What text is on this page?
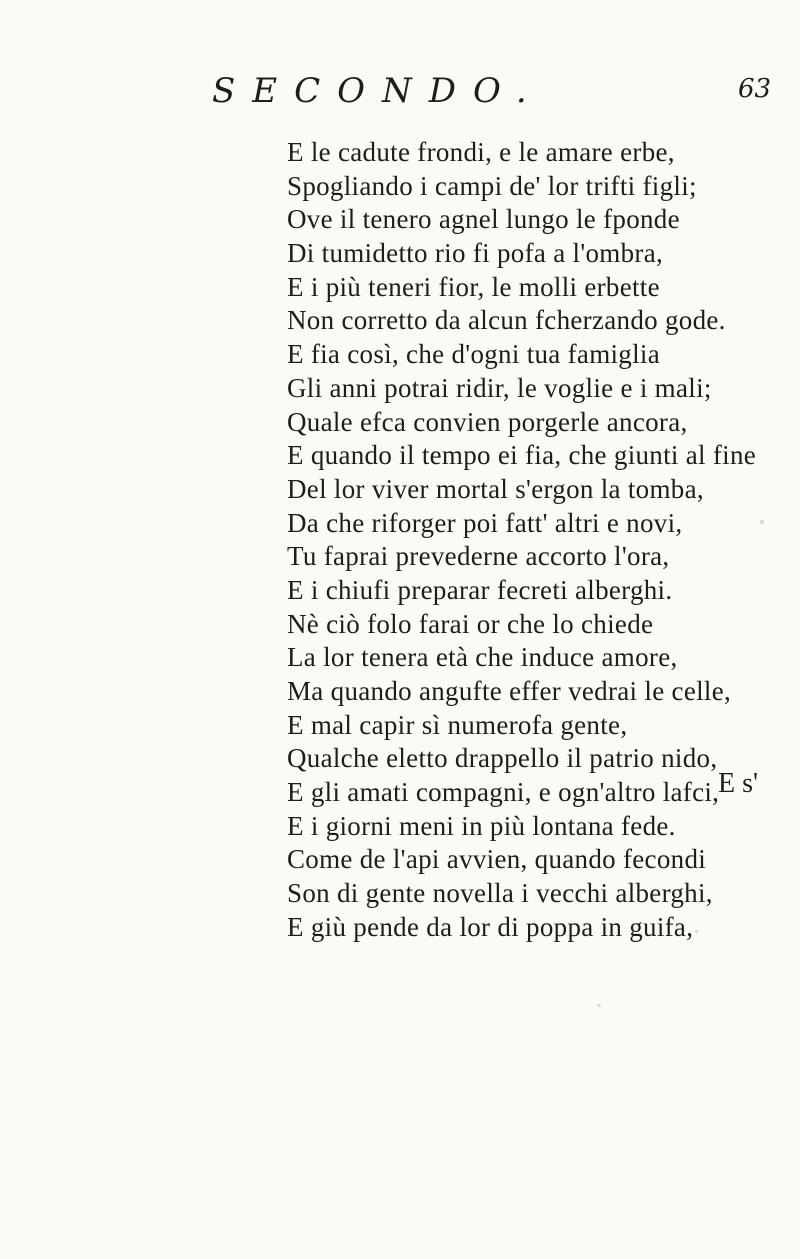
SECONDO.	63
E le cadute frondi, e le amare erbe,
Spogliando i campi de' lor trifti figli;
Ove il tenero agnel lungo le fponde
Di tumidetto rio fi pofa a l'ombra,
E i più teneri fior, le molli erbette
Non corretto da alcun fcherzando gode.
E fia così, che d'ogni tua famiglia
Gli anni potrai ridir, le voglie e i mali;
Quale efca convien porgerle ancora,
E quando il tempo ei fia, che giunti al fine
Del lor viver mortal s'ergon la tomba,
Da che riforger poi fatt' altri e novi,
Tu faprai prevederne accorto l'ora,
E i chiufi preparar fecreti alberghi.
Nè ciò folo farai or che lo chiede
La lor tenera età che induce amore,
Ma quando angufte effer vedrai le celle,
E mal capir sì numerofa gente,
Qualche eletto drappello il patrio nido,
E gli amati compagni, e ogn'altro lafci,
E i giorni meni in più lontana fede.
Come de l'api avvien, quando fecondi
Son di gente novella i vecchi alberghi,
E giù pende da lor di poppa in guifa,
E s'
